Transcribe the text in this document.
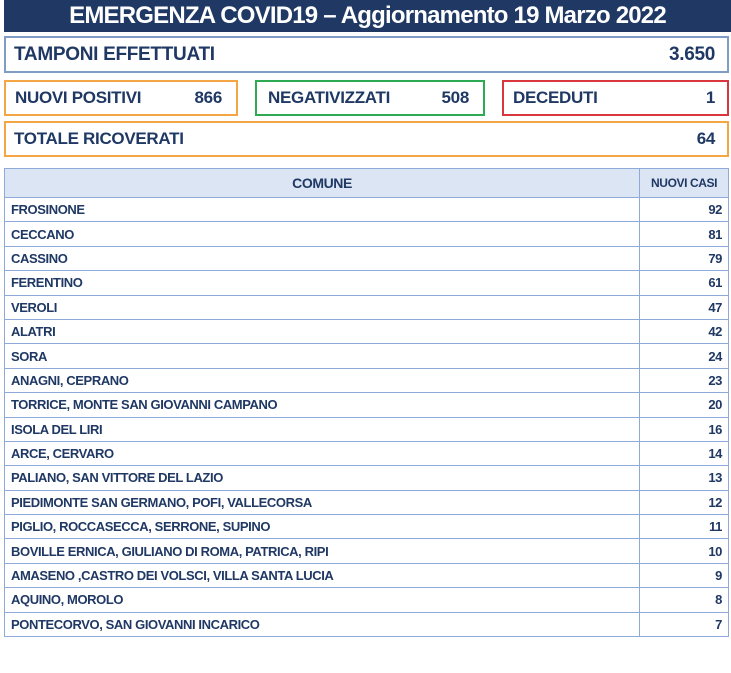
EMERGENZA COVID19 – Aggiornamento 19 Marzo 2022
TAMPONI EFFETTUATI	3.650
NUOVI POSITIVI	866	NEGATIVIZZATI	508	DECEDUTI	1
TOTALE RICOVERATI	64
COMUNE	NUOVI CASI
FROSINONE	92
CECCANO	81
CASSINO	79
FERENTINO	61
VEROLI	47
ALATRI	42
SORA	24
ANAGNI, CEPRANO	23
TORRICE, MONTE SAN GIOVANNI CAMPANO	20
ISOLA DEL LIRI	16
ARCE, CERVARO	14
PALIANO, SAN VITTORE DEL LAZIO	13
PIEDIMONTE SAN GERMANO, POFI, VALLECORSA	12
PIGLIO, ROCCASECCA, SERRONE, SUPINO	11
BOVILLE ERNICA, GIULIANO DI ROMA, PATRICA, RIPI	10
AMASENO ,CASTRO DEI VOLSCI, VILLA SANTA LUCIA	9
AQUINO, MOROLO	8
PONTECORVO, SAN GIOVANNI INCARICO	7
